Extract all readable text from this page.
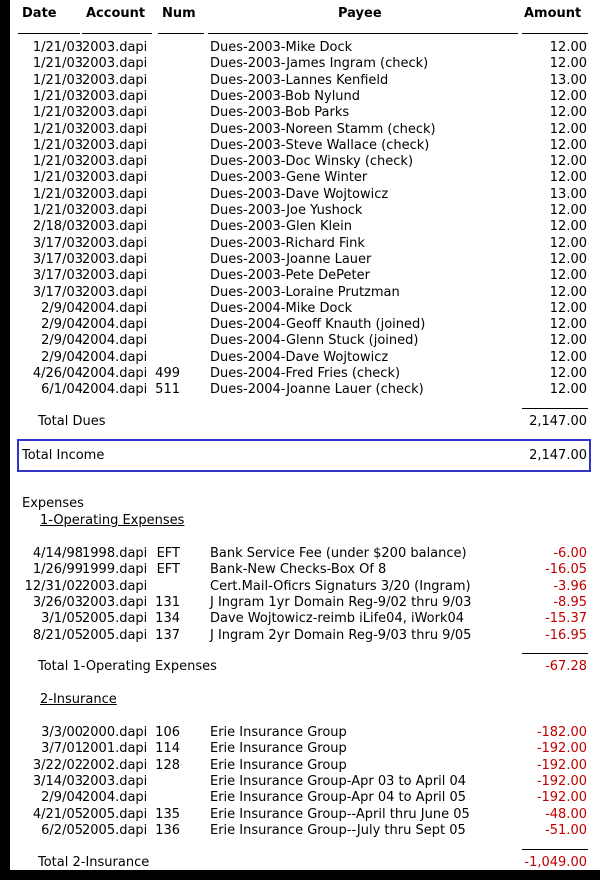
Date Account Num	Payee	Amount
1/21/03 2003.dapi	Dues-2003-Mike Dock	12.00
1/21/03 2003.dapi	Dues-2003-James Ingram (check)	12.00
1/21/03 2003.dapi	Dues-2003-Lannes Kenfield	13.00
1/21/03 2003.dapi	Dues-2003-Bob Nylund	12.00
1/21/03 2003.dapi	Dues-2003-Bob Parks	12.00
1/21/03 2003.dapi	Dues-2003-Noreen Stamm (check)	12.00
1/21/03 2003.dapi	Dues-2003-Steve Wallace (check)	12.00
1/21/03 2003.dapi	Dues-2003-Doc Winsky (check)	12.00
1/21/03 2003.dapi	Dues-2003-Gene Winter	12.00
1/21/03 2003.dapi	Dues-2003-Dave Wojtowicz	13.00
1/21/03 2003.dapi	Dues-2003-Joe Yushock	12.00
2/18/03 2003.dapi	Dues-2003-Glen Klein	12.00
3/17/03 2003.dapi	Dues-2003-Richard Fink	12.00
3/17/03 2003.dapi	Dues-2003-Joanne Lauer	12.00
3/17/03 2003.dapi	Dues-2003-Pete DePeter	12.00
3/17/03 2003.dapi	Dues-2003-Loraine Prutzman	12.00
2/9/04 2004.dapi	Dues-2004-Mike Dock	12.00
2/9/04 2004.dapi	Dues-2004-Geoff Knauth (joined)	12.00
2/9/04 2004.dapi	Dues-2004-Glenn Stuck (joined)	12.00
2/9/04 2004.dapi	Dues-2004-Dave Wojtowicz	12.00
4/26/04 2004.dapi 499 Dues-2004-Fred Fries (check)	12.00
6/1/04 2004.dapi 511 Dues-2004-Joanne Lauer (check)	12.00
Total Dues	2,147.00
Total Income	2,147.00
Expenses
1-Operating Expenses
4/14/98 1998.dapi EFT Bank Service Fee (under $200 balance)	-6.00
1/26/99 1999.dapi EFT Bank-New Checks-Box Of 8	-16.05
12/31/02 2003.dapi	Cert.Mail-Oficrs Signaturs 3/20 (Ingram)	-3.96
3/26/03 2003.dapi 131 J Ingram 1yr Domain Reg-9/02 thru 9/03	-8.95
3/1/05 2005.dapi 134 Dave Wojtowicz-reimb iLife04, iWork04	-15.37
8/21/05 2005.dapi 137 J Ingram 2yr Domain Reg-9/03 thru 9/05	-16.95
Total 1-Operating Expenses	-67.28
2-Insurance
3/3/00 2000.dapi 106 Erie Insurance Group	-182.00
3/7/01 2001.dapi 114 Erie Insurance Group	-192.00
3/22/02 2002.dapi 128 Erie Insurance Group	-192.00
3/14/03 2003.dapi	Erie Insurance Group-Apr 03 to April 04	-192.00
2/9/04 2004.dapi	Erie Insurance Group-Apr 04 to April 05	-192.00
4/21/05 2005.dapi 135 Erie Insurance Group--April thru June 05	-48.00
6/2/05 2005.dapi 136 Erie Insurance Group--July thru Sept 05	-51.00
Total 2-Insurance	-1,049.00
